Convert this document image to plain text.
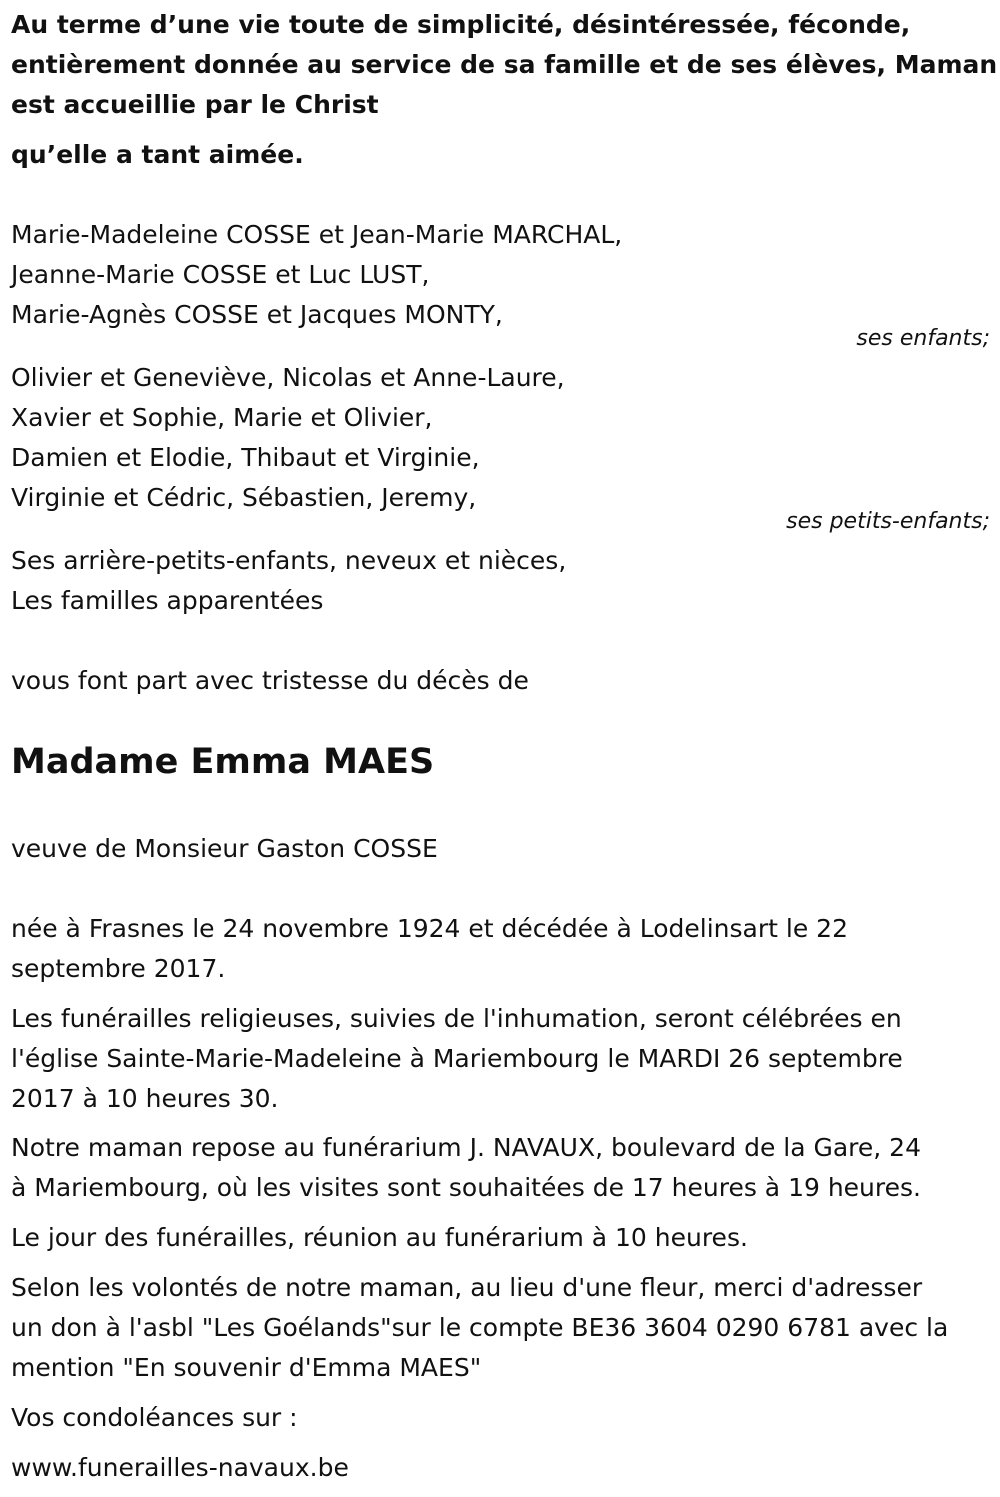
Au terme d’une vie toute de simplicité, désintéressée, féconde,
entièrement donnée au service de sa famille et de ses élèves, Maman
est accueillie par le Christ
qu’elle a tant aimée.
Marie-Madeleine COSSE et Jean-Marie MARCHAL,
Jeanne-Marie COSSE et Luc LUST,
Marie-Agnès COSSE et Jacques MONTY,
ses enfants;
Olivier et Geneviève, Nicolas et Anne-Laure,
Xavier et Sophie, Marie et Olivier,
Damien et Elodie, Thibaut et Virginie,
Virginie et Cédric, Sébastien, Jeremy,
ses petits-enfants;
Ses arrière-petits-enfants, neveux et nièces,
Les familles apparentées
vous font part avec tristesse du décès de
Madame Emma MAES
veuve de Monsieur Gaston COSSE
née à Frasnes le 24 novembre 1924 et décédée à Lodelinsart le 22
septembre 2017.
Les funérailles religieuses, suivies de l'inhumation, seront célébrées en
l'église Sainte-Marie-Madeleine à Mariembourg le MARDI 26 septembre
2017 à 10 heures 30.
Notre maman repose au funérarium J. NAVAUX, boulevard de la Gare, 24
à Mariembourg, où les visites sont souhaitées de 17 heures à 19 heures.
Le jour des funérailles, réunion au funérarium à 10 heures.
Selon les volontés de notre maman, au lieu d'une fleur, merci d'adresser
un don à l'asbl "Les Goélands"sur le compte BE36 3604 0290 6781 avec la
mention "En souvenir d'Emma MAES"
Vos condoléances sur :
www.funerailles-navaux.be
